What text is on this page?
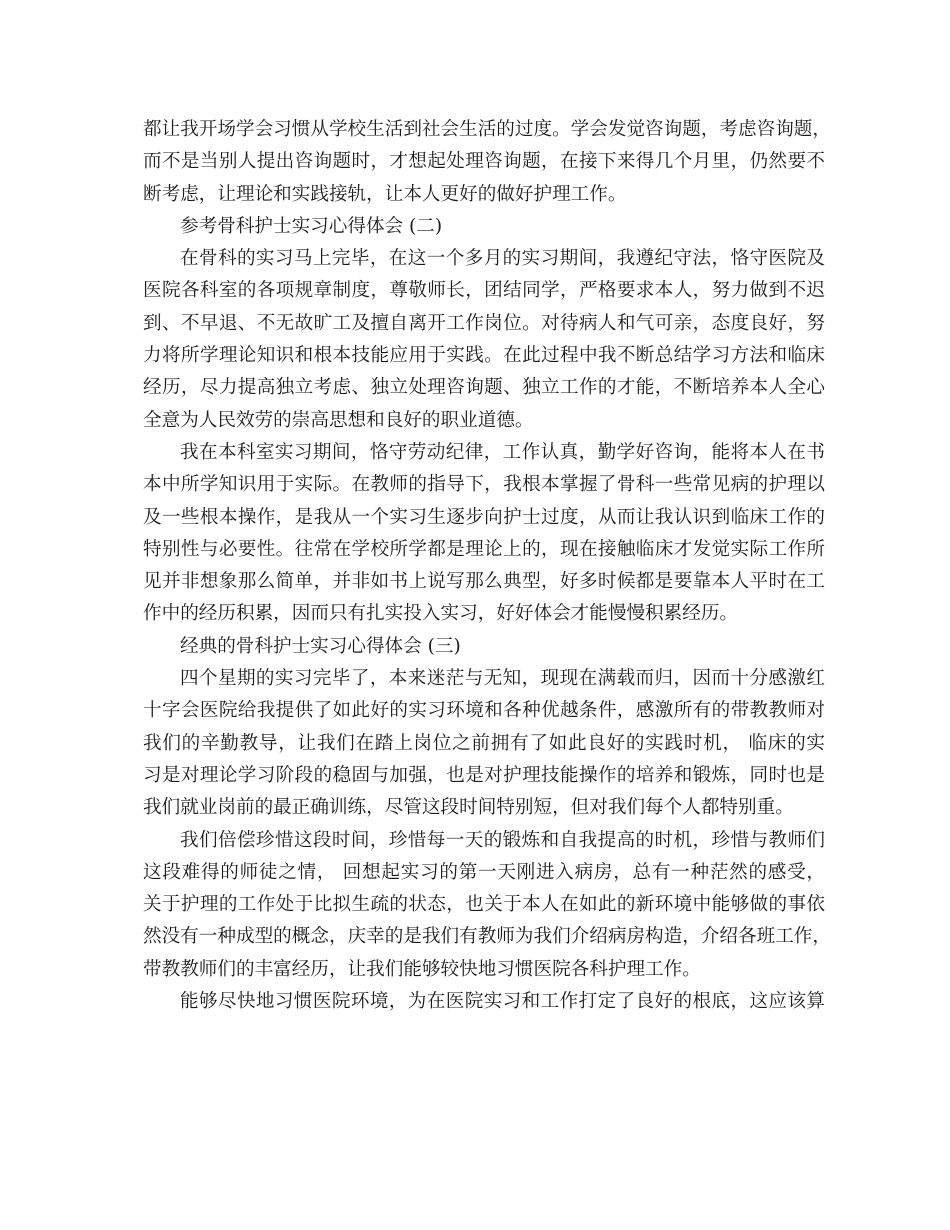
都让我开场学会习惯从学校生活到社会生活的过度。学会发觉咨询题，考虑咨询题，
而不是当别人提出咨询题时，才想起处理咨询题，在接下来得几个月里，仍然要不
断考虑，让理论和实践接轨，让本人更好的做好护理工作。
参考骨科护士实习心得体会 (二)
在骨科的实习马上完毕，在这一个多月的实习期间，我遵纪守法，恪守医院及
医院各科室的各项规章制度，尊敬师长，团结同学，严格要求本人，努力做到不迟
到、不早退、不无故旷工及擅自离开工作岗位。对待病人和气可亲，态度良好，努
力将所学理论知识和根本技能应用于实践。在此过程中我不断总结学习方法和临床
经历，尽力提高独立考虑、独立处理咨询题、独立工作的才能，不断培养本人全心
全意为人民效劳的崇高思想和良好的职业道德。
我在本科室实习期间，恪守劳动纪律，工作认真，勤学好咨询，能将本人在书
本中所学知识用于实际。在教师的指导下，我根本掌握了骨科一些常见病的护理以
及一些根本操作，是我从一个实习生逐步向护士过度，从而让我认识到临床工作的
特别性与必要性。往常在学校所学都是理论上的，现在接触临床才发觉实际工作所
见并非想象那么简单，并非如书上说写那么典型，好多时候都是要靠本人平时在工
作中的经历积累，因而只有扎实投入实习，好好体会才能慢慢积累经历。
经典的骨科护士实习心得体会 (三)
四个星期的实习完毕了，本来迷茫与无知，现现在满载而归，因而十分感激红
十字会医院给我提供了如此好的实习环境和各种优越条件，感激所有的带教教师对
我们的辛勤教导，让我们在踏上岗位之前拥有了如此良好的实践时机， 临床的实
习是对理论学习阶段的稳固与加强，也是对护理技能操作的培养和锻炼，同时也是
我们就业岗前的最正确训练，尽管这段时间特别短，但对我们每个人都特别重。
我们倍偿珍惜这段时间，珍惜每一天的锻炼和自我提高的时机，珍惜与教师们
这段难得的师徒之情， 回想起实习的第一天刚进入病房，总有一种茫然的感受，
关于护理的工作处于比拟生疏的状态，也关于本人在如此的新环境中能够做的事依
然没有一种成型的概念，庆幸的是我们有教师为我们介绍病房构造，介绍各班工作，
带教教师们的丰富经历，让我们能够较快地习惯医院各科护理工作。
能够尽快地习惯医院环境，为在医院实习和工作打定了良好的根底，这应该算
